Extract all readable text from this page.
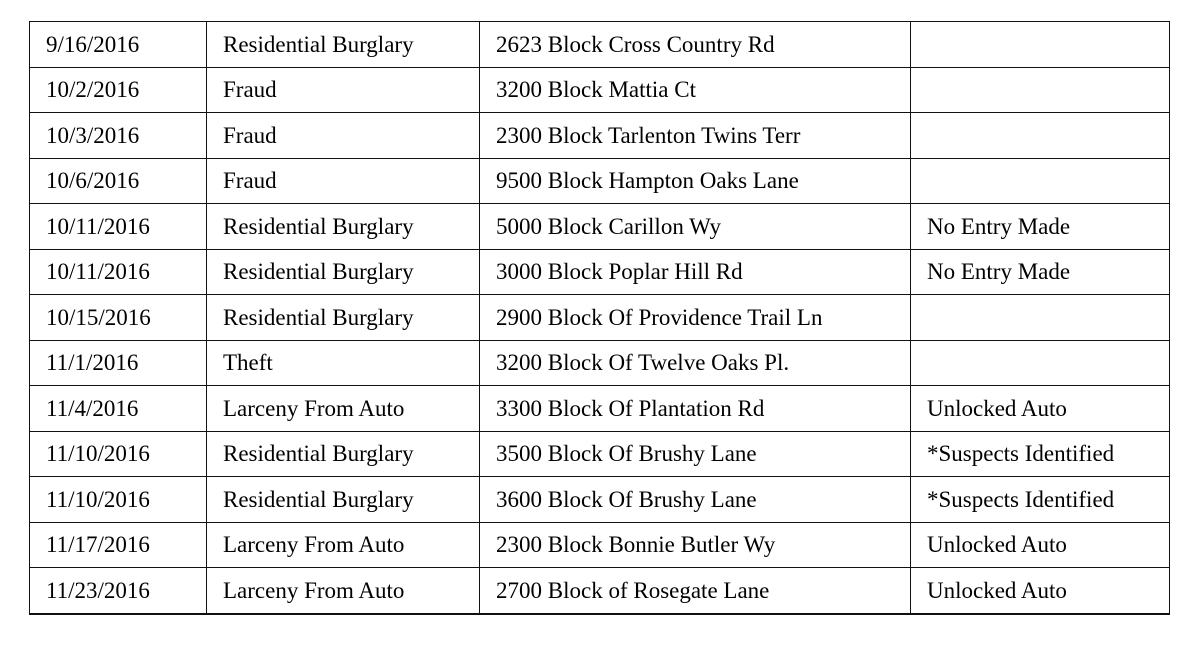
9/16/2016	Residential Burglary	2623 Block Cross Country Rd	
10/2/2016	Fraud	3200 Block Mattia Ct	
10/3/2016	Fraud	2300 Block Tarlenton Twins Terr	
10/6/2016	Fraud	9500 Block Hampton Oaks Lane	
10/11/2016	Residential Burglary	5000 Block Carillon Wy	No Entry Made
10/11/2016	Residential Burglary	3000 Block Poplar Hill Rd	No Entry Made
10/15/2016	Residential Burglary	2900 Block Of Providence Trail Ln	
11/1/2016	Theft	3200 Block Of Twelve Oaks Pl.	
11/4/2016	Larceny From Auto	3300 Block Of Plantation Rd	Unlocked Auto
11/10/2016	Residential Burglary	3500 Block Of Brushy Lane	*Suspects Identified
11/10/2016	Residential Burglary	3600 Block Of Brushy Lane	*Suspects Identified
11/17/2016	Larceny From Auto	2300 Block Bonnie Butler Wy	Unlocked Auto
11/23/2016	Larceny From Auto	2700 Block of Rosegate Lane	Unlocked Auto
